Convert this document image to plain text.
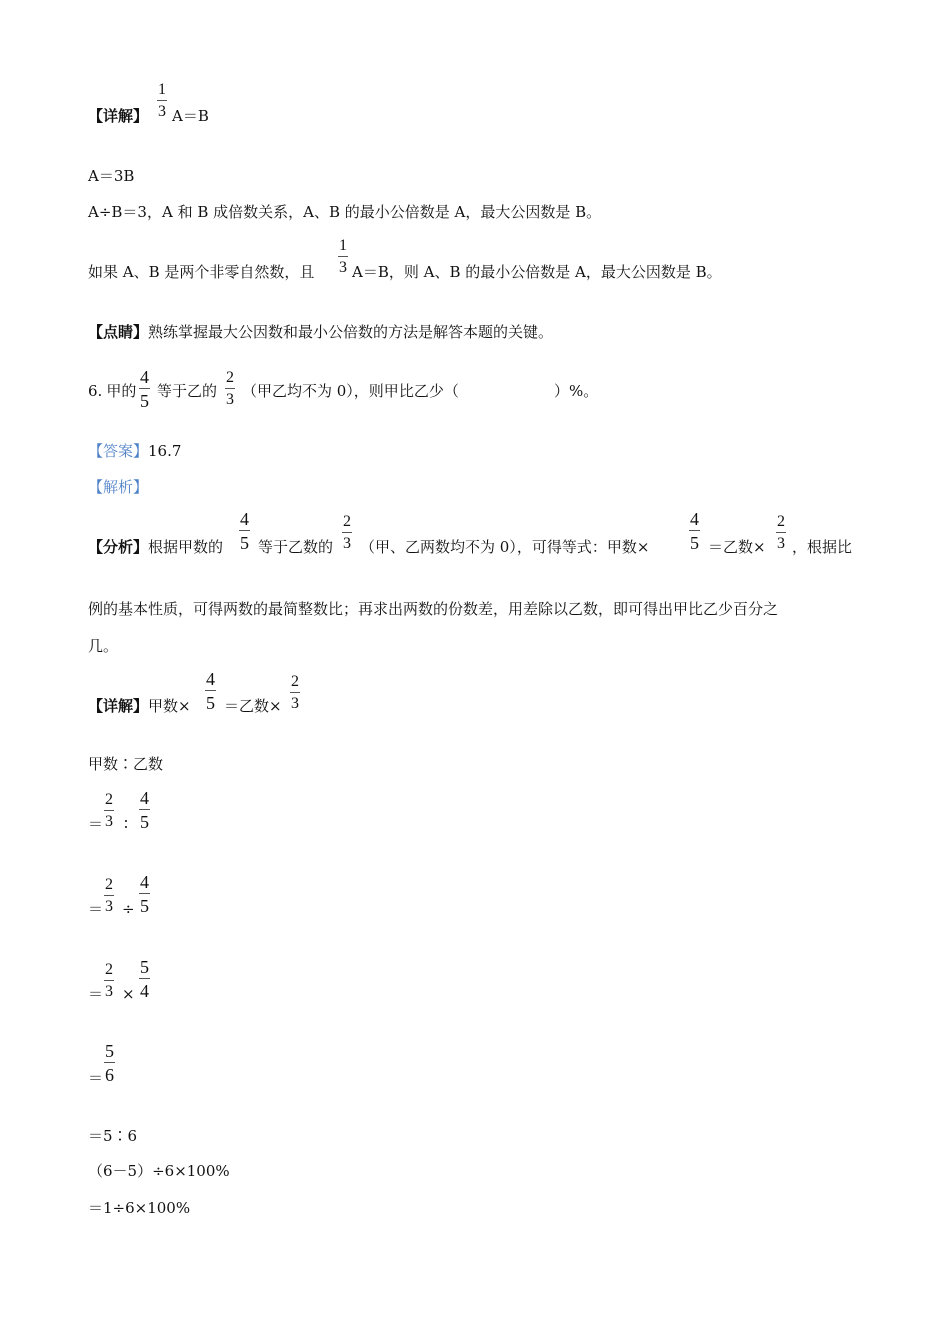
【详解】 $\frac{1}{3} A=B$
A＝3B
A÷B＝3，A 和 B 成倍数关系，A、B 的最小公倍数是 A，最大公因数是 B。
如果 A、B 是两个非零自然数，且 $\frac{1}{3} A=B$，则 A、B 的最小公倍数是 A，最大公因数是 B。
【点睛】熟练掌握最大公因数和最小公倍数的方法是解答本题的关键。
6. 甲的 $\frac{4}{5}$ 等于乙的 $\frac{2}{3}$ （甲乙均不为 0），则甲比乙少（	）%。
【答案】16.7
【解析】
【分析】根据甲数的 $\frac{4}{5}$ 等于乙数的 $\frac{2}{3}$ （甲、乙两数均不为 0），可得等式：甲数× $\frac{4}{5}$ ＝乙数× $\frac{2}{3}$ ，根据比
例的基本性质，可得两数的最简整数比；再求出两数的份数差，用差除以乙数，即可得出甲比乙少百分之
几。
【详解】甲数× $\frac{4}{5}$ ＝乙数× $\frac{2}{3}$
甲数∶乙数
＝ $\frac{2}{3}$ ∶ $\frac{4}{5}$
＝ $\frac{2}{3} \div \frac{4}{5}$
＝ $\frac{2}{3} \times \frac{5}{4}$
＝ $\frac{5}{6}$
＝5∶6
（6－5）÷6×100%
＝1÷6×100%
